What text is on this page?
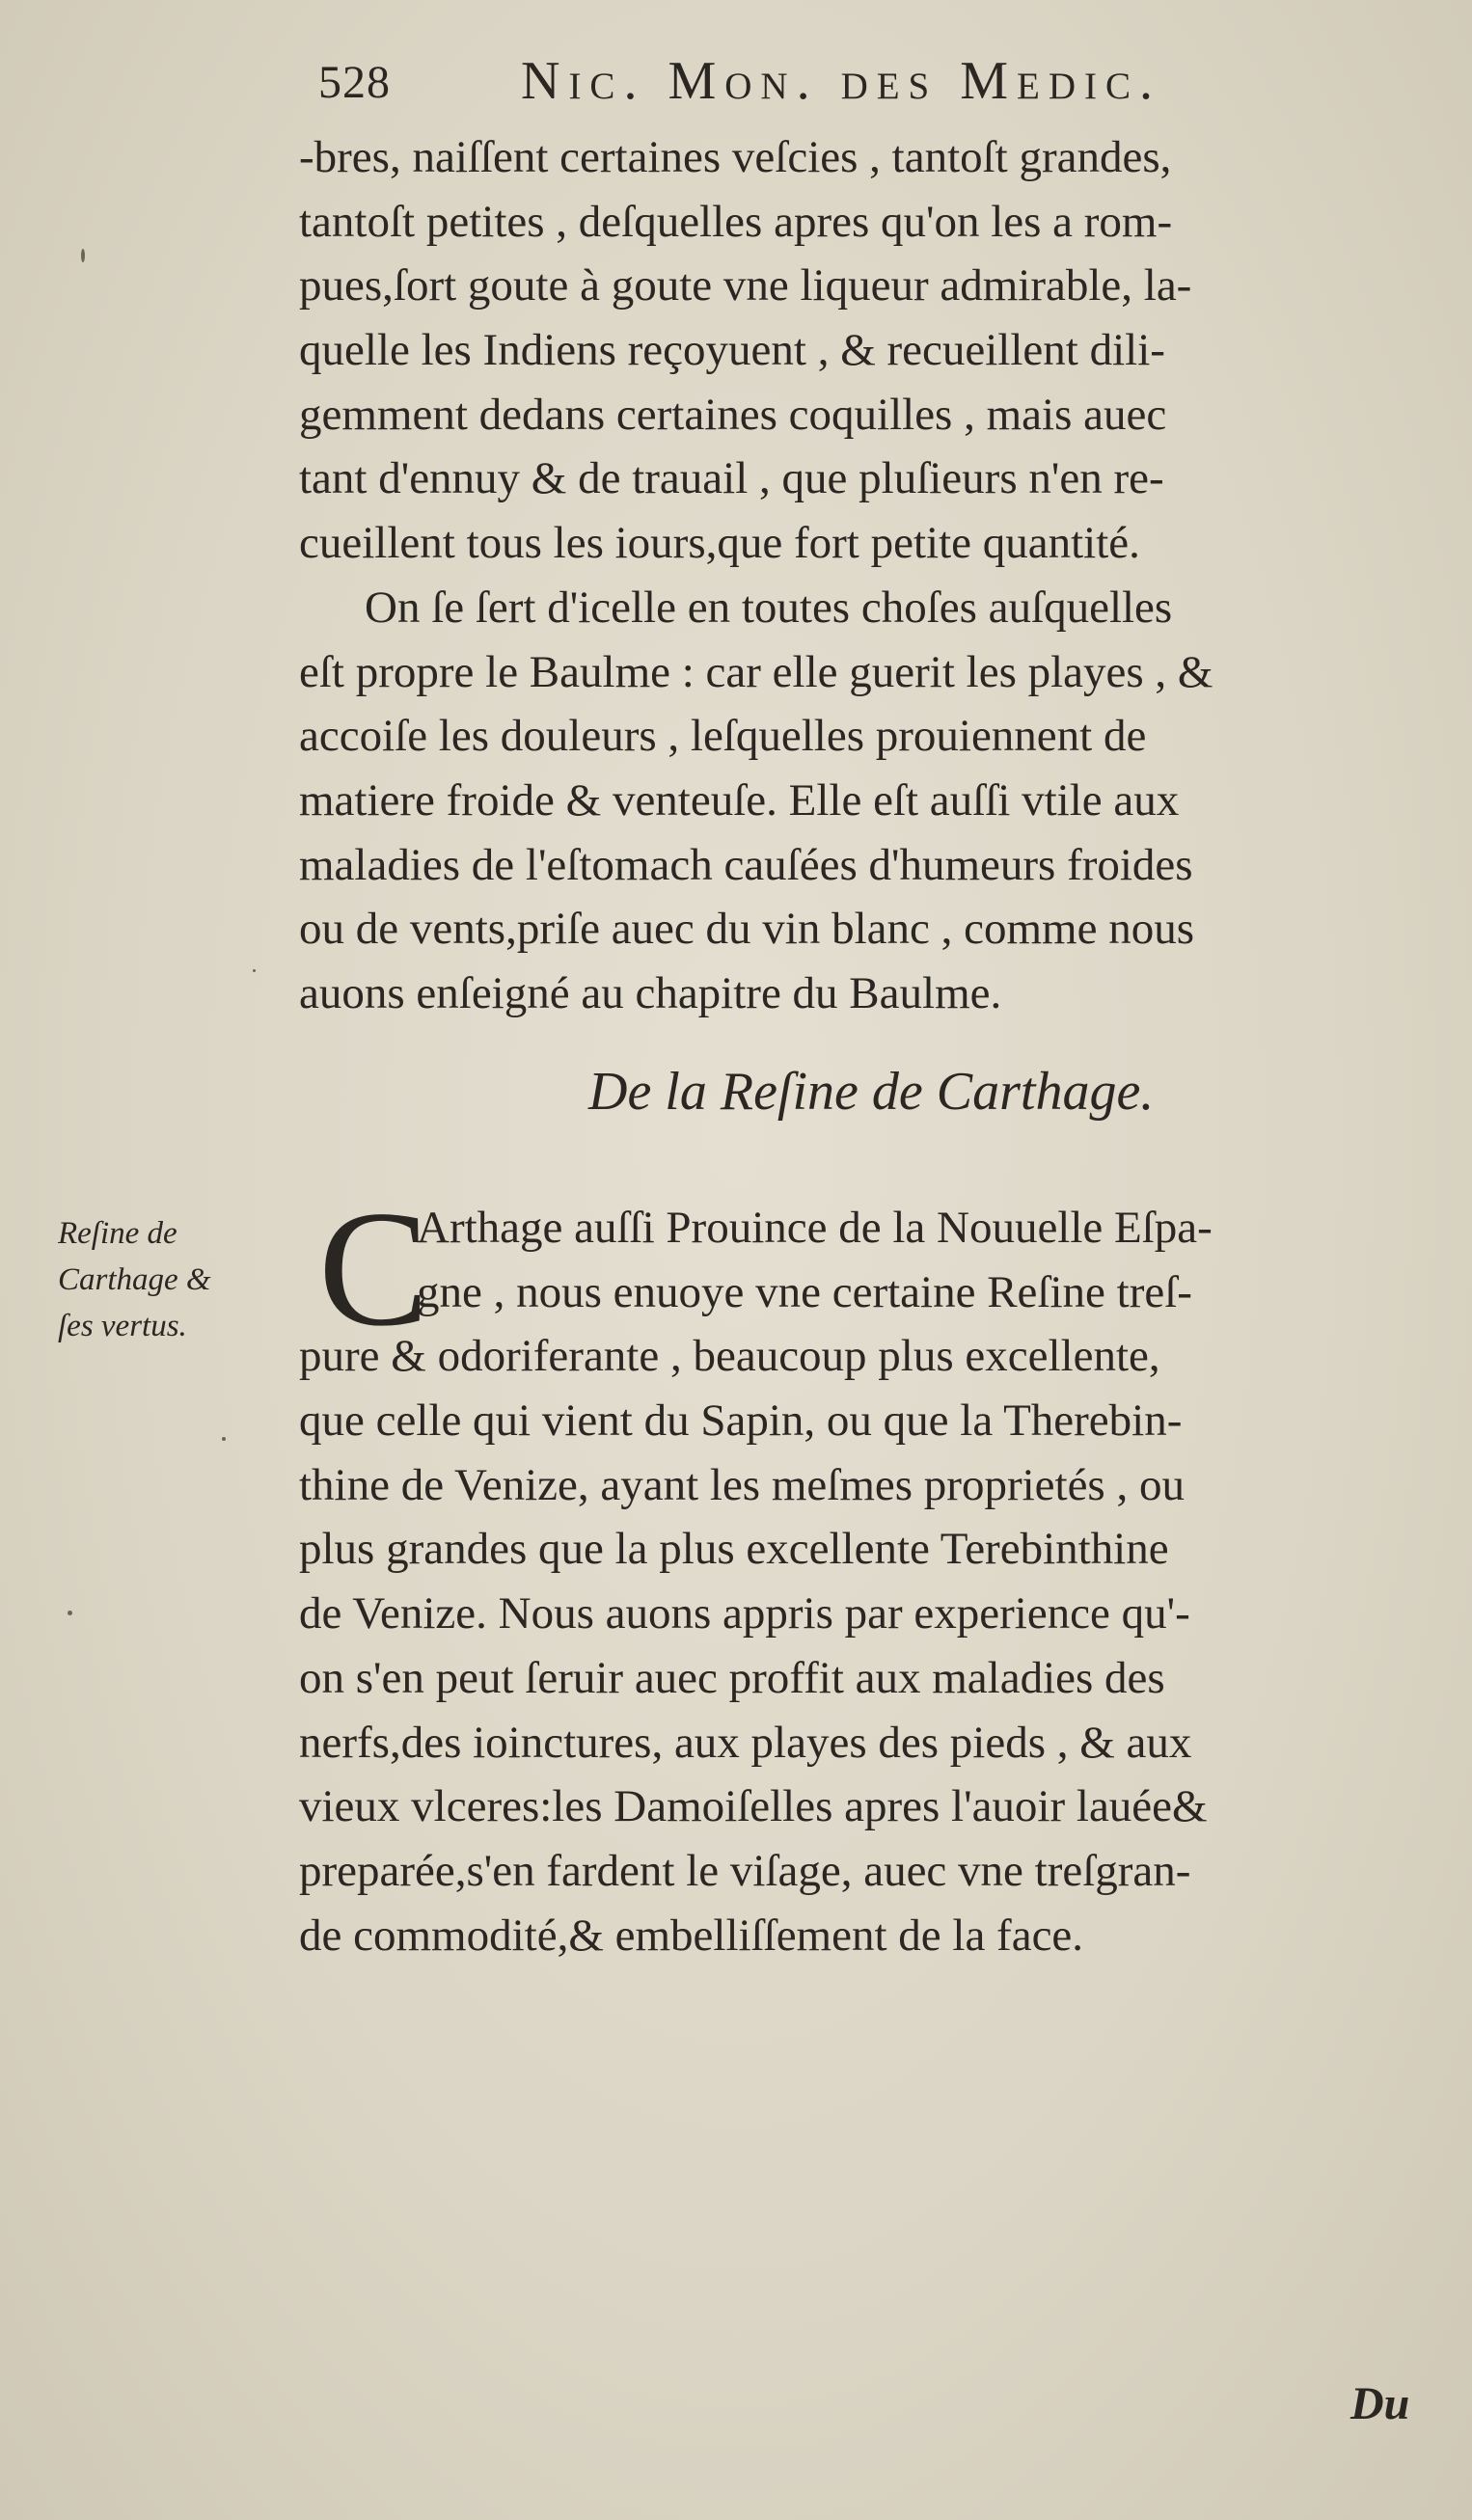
528 Nic. Mon. des Medic.
-bres, naiſſent certaines veſcies , tantoſt grandes,
tantoſt petites , deſquelles apres qu'on les a rom-
pues,ſort goute à goute vne liqueur admirable, la-
quelle les Indiens reçoyuent , & recueillent dili-
gemment dedans certaines coquilles , mais auec
tant d'ennuy & de trauail , que pluſieurs n'en re-
cueillent tous les iours,que fort petite quantité.
On ſe ſert d'icelle en toutes choſes auſquelles
eſt propre le Baulme : car elle guerit les playes , &
accoiſe les douleurs , leſquelles prouiennent de
matiere froide & venteuſe. Elle eſt auſſi vtile aux
maladies de l'eſtomach cauſées d'humeurs froides
ou de vents,priſe auec du vin blanc , comme nous
auons enſeigné au chapitre du Baulme.
De la Reſine de Carthage.
Reſine de
Carthage &
ſes vertus. C
Arthage auſſi Prouince de la Nouuelle Eſpa-
gne , nous enuoye vne certaine Reſine treſ-
pure & odoriferante , beaucoup plus excellente,
que celle qui vient du Sapin, ou que la Therebin-
thine de Venize, ayant les meſmes proprietés , ou
plus grandes que la plus excellente Terebinthine
de Venize. Nous auons appris par experience qu'-
on s'en peut ſeruir auec proffit aux maladies des
nerfs,des ioinctures, aux playes des pieds , & aux
vieux vlceres:les Damoiſelles apres l'auoir lauée&
preparée,s'en fardent le viſage, auec vne treſgran-
de commodité,& embelliſſement de la face.
Du
